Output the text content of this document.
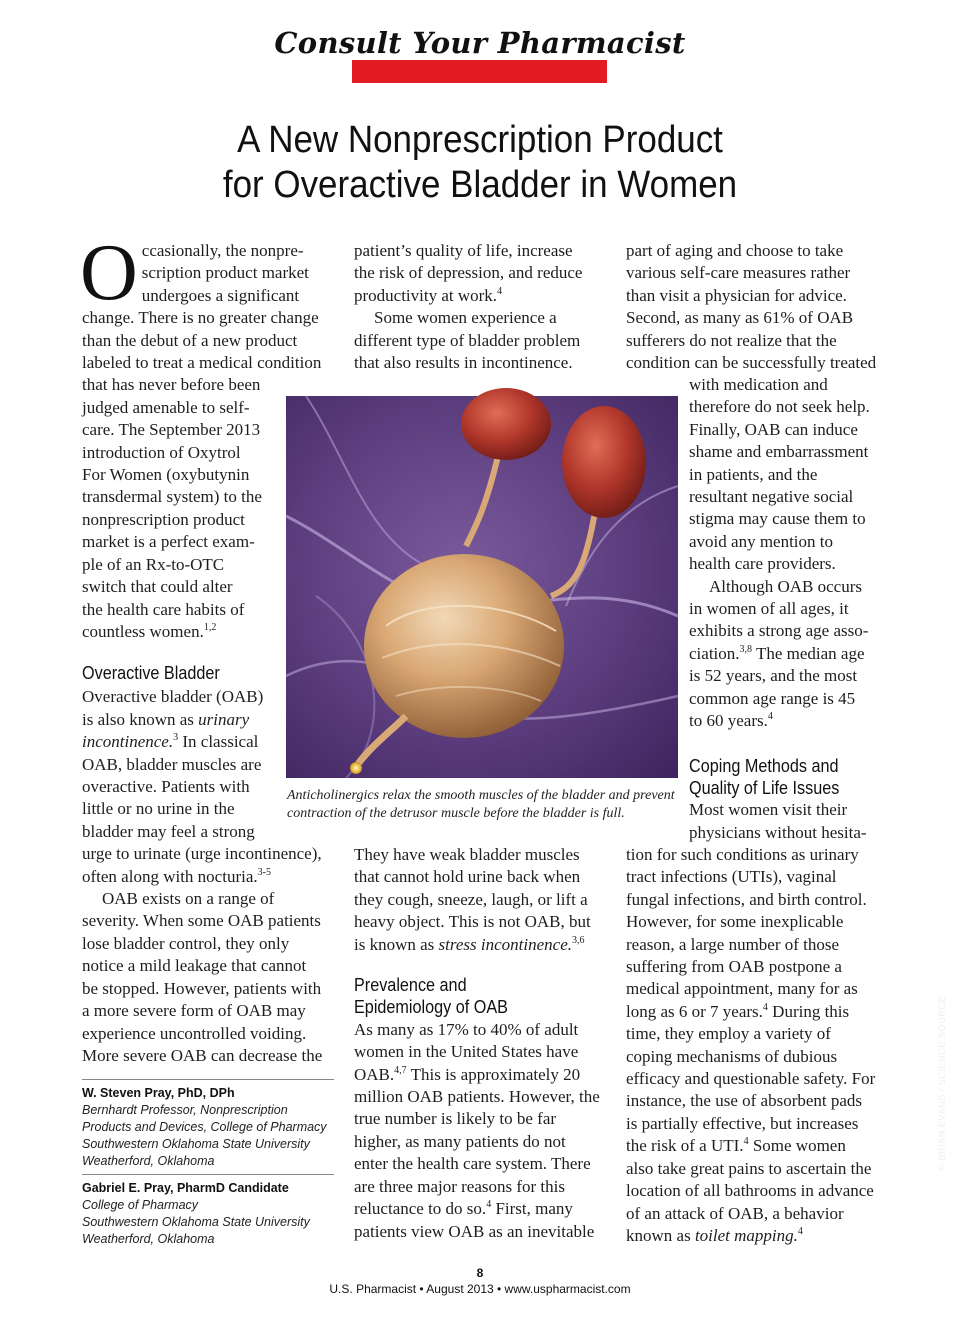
Consult Your Pharmacist
A New Nonprescription Product
for Overactive Bladder in Women
O ccasionally, the nonpre-
scription product market
undergoes a significant
change. There is no greater change
than the debut of a new product
labeled to treat a medical condition
that has never before been
judged amenable to self-
care. The September 2013
introduction of Oxytrol
For Women (oxybutynin
transdermal system) to the
nonprescription product
market is a perfect exam-
ple of an Rx-to-OTC
switch that could alter
the health care habits of
countless women.$^{1,2}$

Overactive Bladder

Overactive bladder (OAB)
is also known as urinary
incontinence.$^3$ In classical
OAB, bladder muscles are
overactive. Patients with
little or no urine in the
bladder may feel a strong
urge to urinate (urge incontinence),
often along with nocturia.$^{3-5}$

OAB exists on a range of
severity. When some OAB patients
lose bladder control, they only
notice a mild leakage that cannot
be stopped. However, patients with
a more severe form of OAB may
experience uncontrolled voiding.
More severe OAB can decrease the

W. Steven Pray, PhD, DPh
Bernhardt Professor, Nonprescription
Products and Devices, College of Pharmacy
Southwestern Oklahoma State University
Weatherford, Oklahoma
Gabriel E. Pray, PharmD Candidate
College of Pharmacy
Southwestern Oklahoma State University
Weatherford, Oklahoma

patient’s quality of life, increase
the risk of depression, and reduce
productivity at work.$^4$

Some women experience a
different type of bladder problem
that also results in incontinence.

© BRIAN EVANS / SCIENCE SOURCE
Anticholinergics relax the smooth muscles of the bladder and prevent
contraction of the detrusor muscle before the bladder is full.

They have weak bladder muscles
that cannot hold urine back when
they cough, sneeze, laugh, or lift a
heavy object. This is not OAB, but
is known as stress incontinence.$^{3,6}$

Prevalence and
Epidemiology of OAB

As many as 17% to 40% of adult
women in the United States have
OAB.$^{4,7}$ This is approximately 20
million OAB patients. However, the
true number is likely to be far
higher, as many patients do not
enter the health care system. There
are three major reasons for this
reluctance to do so.$^4$ First, many
patients view OAB as an inevitable

part of aging and choose to take
various self-care measures rather
than visit a physician for advice.
Second, as many as 61% of OAB
sufferers do not realize that the
condition can be successfully treated

with medication and
therefore do not seek help.
Finally, OAB can induce
shame and embarrassment
in patients, and the
resultant negative social
stigma may cause them to
avoid any mention to
health care providers.

Although OAB occurs
in women of all ages, it
exhibits a strong age asso-
ciation.$^{3,8}$ The median age
is 52 years, and the most
common age range is 45
to 60 years.$^4$

Coping Methods and
Quality of Life Issues

Most women visit their
physicians without hesita-

tion for such conditions as urinary
tract infections (UTIs), vaginal
fungal infections, and birth control.
However, for some inexplicable
reason, a large number of those
suffering from OAB postpone a
medical appointment, many for as
long as 6 or 7 years.$^4$ During this
time, they employ a variety of
coping mechanisms of dubious
efficacy and questionable safety. For
instance, the use of absorbent pads
is partially effective, but increases
the risk of a UTI.$^4$ Some women
also take great pains to ascertain the
location of all bathrooms in advance
of an attack of OAB, a behavior
known as toilet mapping.$^4$

8
U.S. Pharmacist • August 2013 • www.uspharmacist.com
